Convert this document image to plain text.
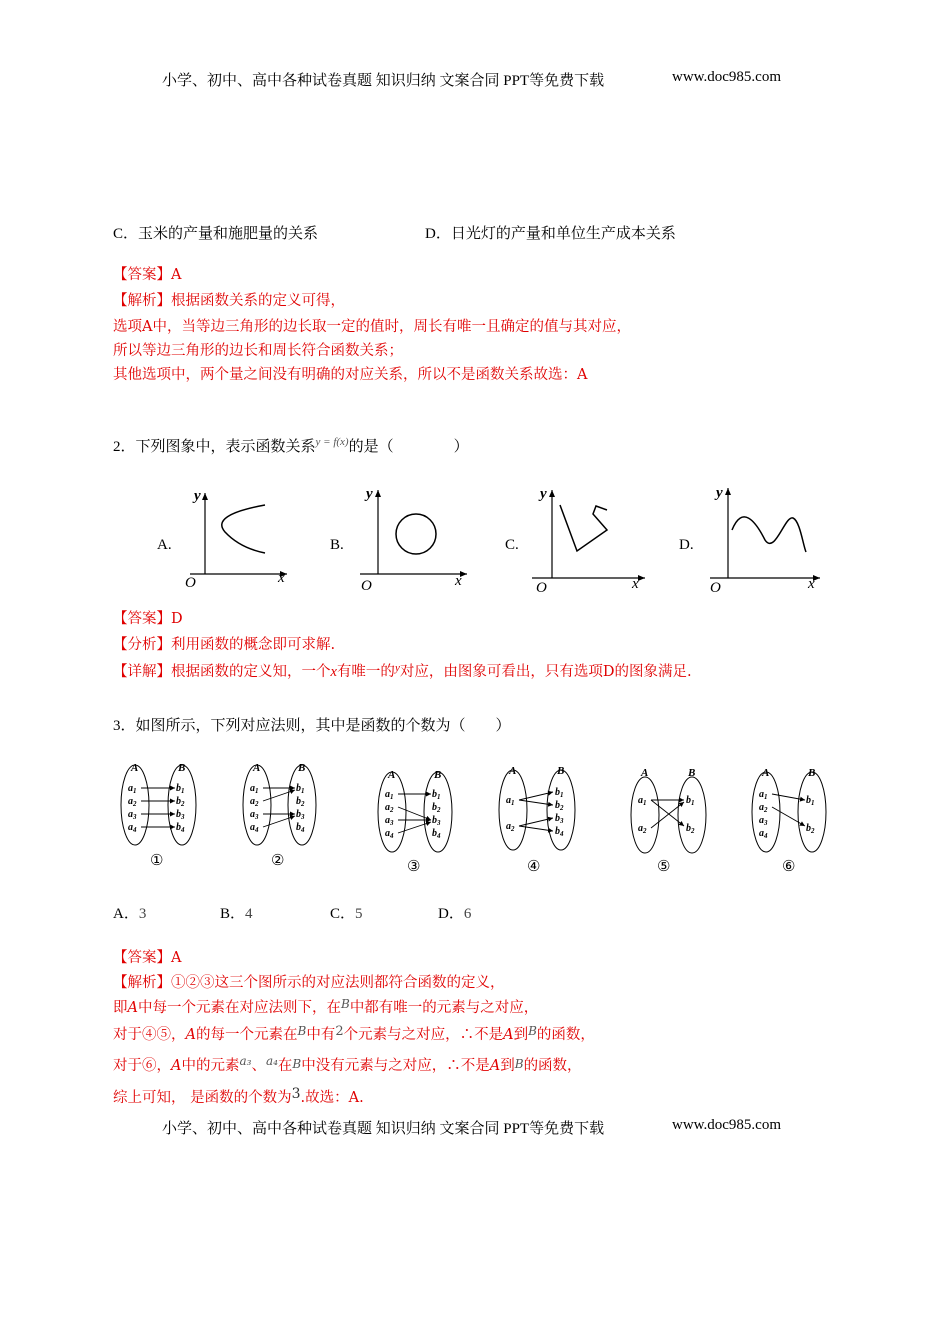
小学、初中、高中各种试卷真题 知识归纳 文案合同 PPT等免费下载	www.doc985.com
C．玉米的产量和施肥量的关系	D．日光灯的产量和单位生产成本关系
【答案】A
【解析】根据函数关系的定义可得，
选项A中，当等边三角形的边长取一定的值时，周长有唯一且确定的值与其对应，
所以等边三角形的边长和周长符合函数关系；
其他选项中，两个量之间没有明确的对应关系，所以不是函数关系故选：A
2．下列图象中，表示函数关系$^{y = f(x)}$的是（　　　　）
A.	B.	C.	D.
y
O	x
y
O	x
y
O	x
y
O	x
A	B
$a_1$
$a_2$
$a_3$
$a_4$
$b_1$
$b_2$
$b_3$
$b_4$
A	B
$a_1$
$a_2$
$a_3$
$a_4$
$b_1$
$b_2$
$b_3$
$b_4$
A	B
$a_1$
$a_2$
$a_3$
$a_4$
$b_1$
$b_2$
$b_3$
$b_4$
A	B
$a_1$
$a_2$
$b_1$
$b_2$
$b_3$
$b_4$
A	B
$a_1$
$a_2$
$b_1$
$b_2$
A	B
$a_1$
$a_2$
$a_3$
$a_4$
$b_1$
$b_2$
【答案】D
【分析】利用函数的概念即可求解.
【详解】根据函数的定义知，一个x有唯一的$^y$对应，由图象可看出，只有选项D的图象满足.
3．如图所示，下列对应法则，其中是函数的个数为（　　）
①	②	③	④	⑤	⑥
A．3	B．4	C．5	D．6
【答案】A
【解析】①②③这三个图所示的对应法则都符合函数的定义，
即A中每一个元素在对应法则下，在$^B$中都有唯一的元素与之对应，
对于④⑤，A的每一个元素在$^B$中有2个元素与之对应，∴不是A到$^B$的函数，
对于⑥，A中的元素$^{a_3}$、$^{a_4}$在B中没有元素与之对应，∴不是A到B的函数，
综上可知， 是函数的个数为3.故选：A.
小学、初中、高中各种试卷真题 知识归纳 文案合同 PPT等免费下载	www.doc985.com
